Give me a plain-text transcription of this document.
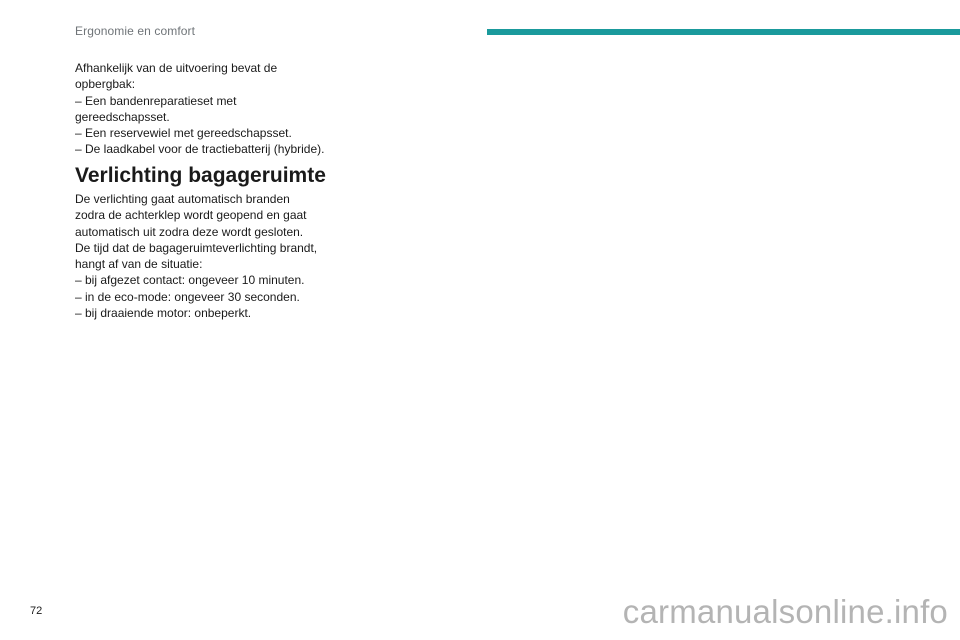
Ergonomie en comfort
Afhankelijk van de uitvoering bevat de
opbergbak:
– Een bandenreparatieset met
gereedschapsset.
– Een reservewiel met gereedschapsset.
– De laadkabel voor de tractiebatterij (hybride).
Verlichting bagageruimte
De verlichting gaat automatisch branden
zodra de achterklep wordt geopend en gaat
automatisch uit zodra deze wordt gesloten.
De tijd dat de bagageruimteverlichting brandt,
hangt af van de situatie:
– bij afgezet contact: ongeveer 10 minuten.
– in de eco-mode: ongeveer 30 seconden.
– bij draaiende motor: onbeperkt.
72	carmanualsonline.info
